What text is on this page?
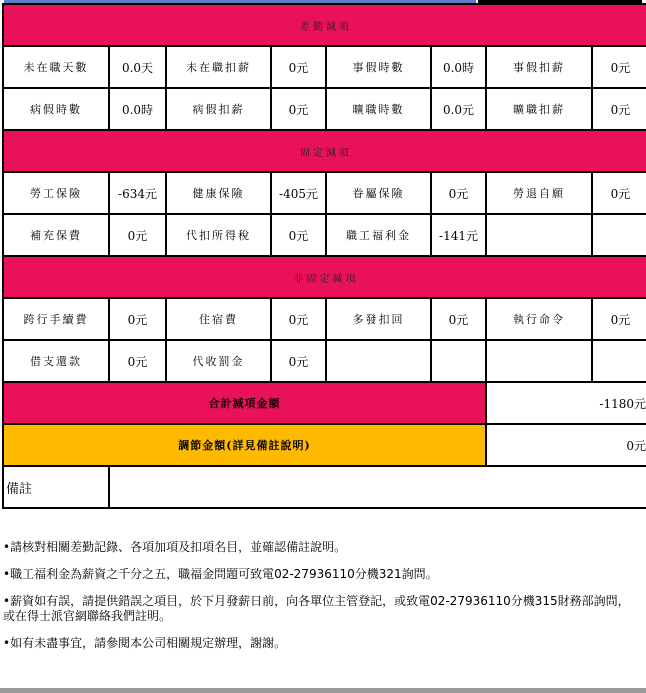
差勤減項							
未在職天數	0.0天	未在職扣薪	0元	事假時數	0.0時	事假扣薪	0元
病假時數	0.0時	病假扣薪	0元	曠職時數	0.0元	曠職扣薪	0元
固定減項							
勞工保險	-634元	健康保險	-405元	眷屬保險	0元	勞退自願	0元
補充保費	0元	代扣所得稅	0元	職工福利金	-141元		
非固定減項							
跨行手續費	0元	住宿費	0元	多發扣回	0元	執行命令	0元
借支還款	0元	代收罰金	0元				
合計減項金額						-1180元	
調節金額(詳見備註說明)						0元	
備註							

•請核對相關差勤記錄、各項加項及扣項名目，並確認備註說明。

•職工福利金為薪資之千分之五，職福金問題可致電02-27936110分機321詢問。

•薪資如有誤，請提供錯誤之項目，於下月發薪日前，向各單位主管登記，或致電02-27936110分機315財務部詢問，或在得士派官網聯絡我們註明。

•如有未盡事宜，請參閱本公司相關規定辦理，謝謝。
